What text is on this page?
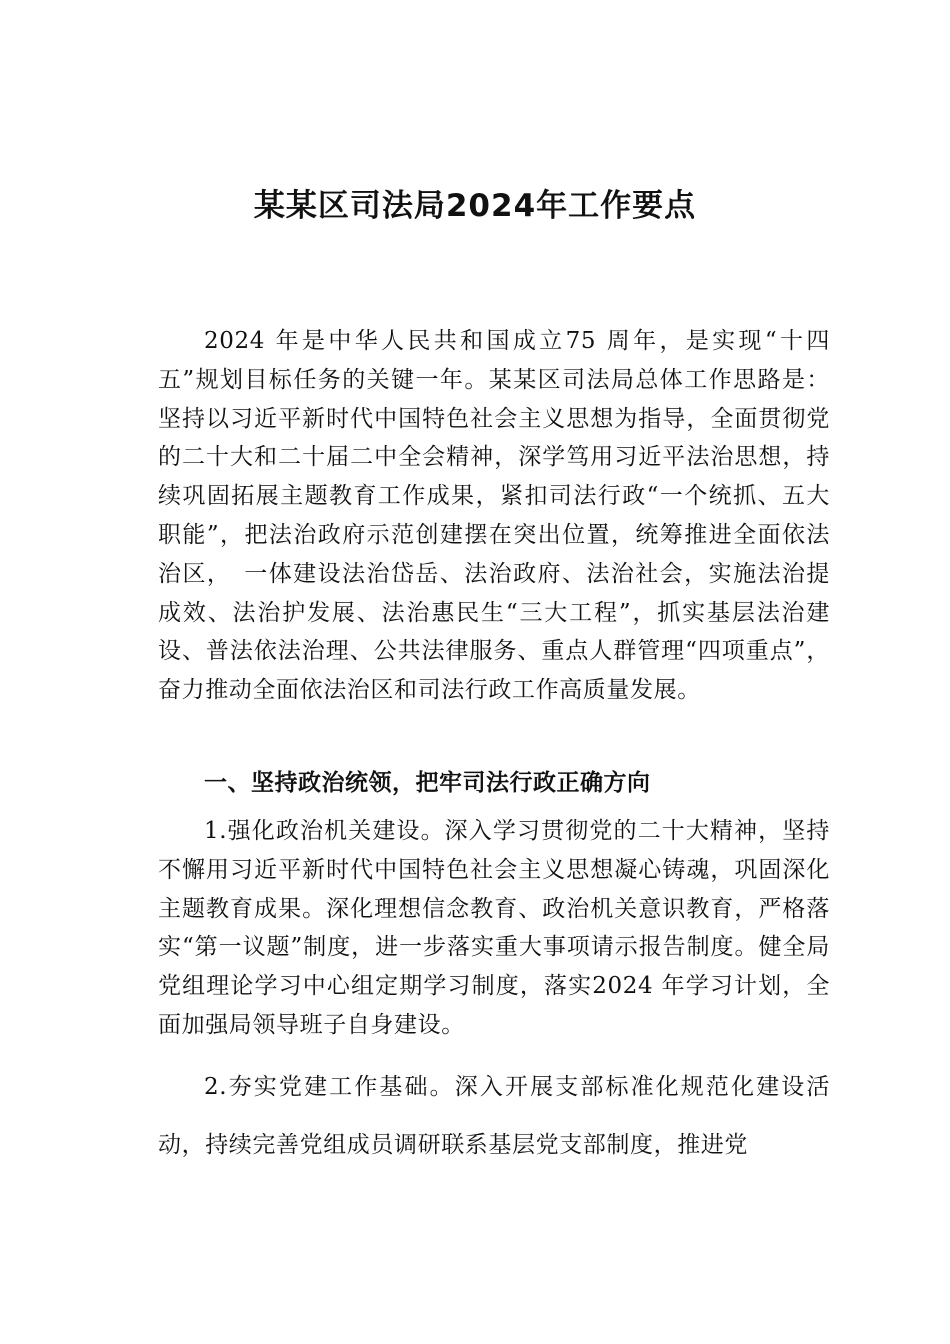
某某区司法局2024年工作要点

2024 年是中华人民共和国成立75 周年，是实现“十四五”规划目标任务的关键一年。某某区司法局总体工作思路是：坚持以习近平新时代中国特色社会主义思想为指导，全面贯彻党的二十大和二十届二中全会精神，深学笃用习近平法治思想，持续巩固拓展主题教育工作成果，紧扣司法行政“一个统抓、五大职能”，把法治政府示范创建摆在突出位置，统筹推进全面依法治区，　一体建设法治岱岳、法治政府、法治社会，实施法治提成效、法治护发展、法治惠民生“三大工程”，抓实基层法治建设、普法依法治理、公共法律服务、重点人群管理“四项重点”，奋力推动全面依法治区和司法行政工作高质量发展。

一、坚持政治统领，把牢司法行政正确方向

1.强化政治机关建设。深入学习贯彻党的二十大精神，坚持不懈用习近平新时代中国特色社会主义思想凝心铸魂，巩固深化主题教育成果。深化理想信念教育、政治机关意识教育，严格落实“第一议题”制度，进一步落实重大事项请示报告制度。健全局党组理论学习中心组定期学习制度，落实2024 年学习计划，全面加强局领导班子自身建设。

2.夯实党建工作基础。深入开展支部标准化规范化建设活动，持续完善党组成员调研联系基层党支部制度，推进党
